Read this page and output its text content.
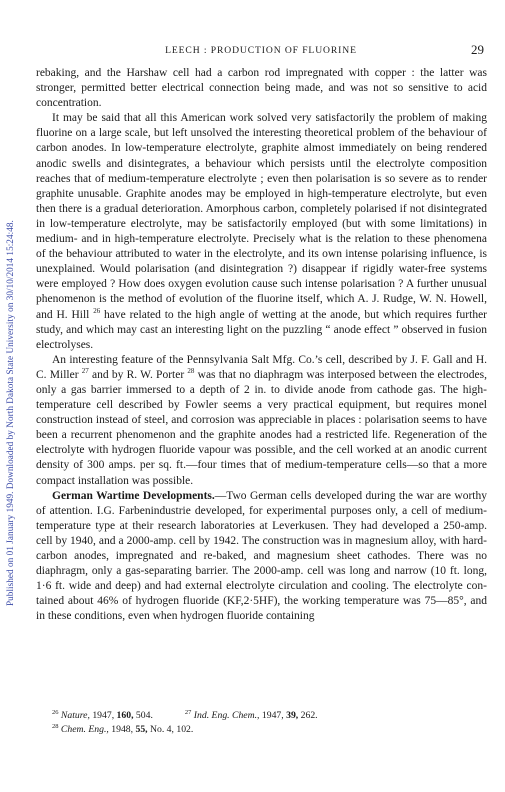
Published on 01 January 1949. Downloaded by North Dakota State University on 30/10/2014 15:24:48.
LEECH : PRODUCTION OF FLUORINE	29

rebaking, and the Harshaw cell had a carbon rod impregnated with copper : the latter was stronger, permitted better electrical connection being made, and was not so sensitive to acid concentration.

It may be said that all this American work solved very satisfactorily the problem of making fluorine on a large scale, but left unsolved the interesting theoretical problem of the behaviour of carbon anodes. In low-temperature electrolyte, graphite almost immediately on being rendered anodic swells and disintegrates, a behaviour which persists until the electrolyte composition reaches that of medium-temperature electrolyte ; even then polarisation is so severe as to render graphite unusable. Graphite anodes may be employed in high-temperature electrolyte, but even then there is a gradual deterioration. Amorphous carbon, completely polarised if not disintegrated in low-temperature electrolyte, may be satisfactorily employed (but with some limitations) in medium- and in high-temperature electrolyte. Precisely what is the relation to these phenomena of the behaviour attributed to water in the electrolyte, and its own intense polarising influence, is unexplained. Would polarisation (and disintegration ?) disappear if rigidly water-free systems were employed ? How does oxygen evolution cause such intense polarisation ? A further unusual phenomenon is the method of evolution of the fluorine itself, which A. J. Rudge, W. N. Howell, and H. Hill $^{26}$ have related to the high angle of wetting at the anode, but which requires further study, and which may cast an interesting light on the puzzling “ anode effect ” observed in fusion electrolyses.

An interesting feature of the Pennsylvania Salt Mfg. Co.’s cell, described by J. F. Gall and H. C. Miller $^{27}$ and by R. W. Porter $^{28}$ was that no diaphragm was interposed between the electrodes, only a gas barrier immersed to a depth of 2 in. to divide anode from cathode gas. The high-temperature cell described by Fowler seems a very practical equipment, but requires monel construction instead of steel, and corrosion was appreciable in places : polarisation seems to have been a recurrent phenomenon and the graphite anodes had a restricted life. Regeneration of the electrolyte with hydrogen fluoride vapour was possible, and the cell worked at an anodic current density of 300 amps. per sq. ft.—four times that of medium-temperature cells—so that a more compact installation was possible.

German Wartime Developments.—Two German cells developed during the war are worthy of attention. I.G. Farbenindustrie developed, for experimental purposes only, a cell of medium-temperature type at their research laboratories at Leverkusen. They had developed a 250-amp. cell by 1940, and a 2000-amp. cell by 1942. The construction was in magnesium alloy, with hard-carbon anodes, impregnated and re-baked, and magnesium sheet cathodes. There was no diaphragm, only a gas-separating barrier. The 2000-amp. cell was long and narrow (10 ft. long, 1·6 ft. wide and deep) and had external electrolyte circulation and cooling. The electrolyte contained about 46% of hydrogen fluoride (KF,2·5HF), the working temperature was 75—85°, and in these conditions, even when hydrogen fluoride containing

$^{26}$ Nature, 1947, 160, 504.	$^{27}$ Ind. Eng. Chem., 1947, 39, 262.
$^{28}$ Chem. Eng., 1948, 55, No. 4, 102.
